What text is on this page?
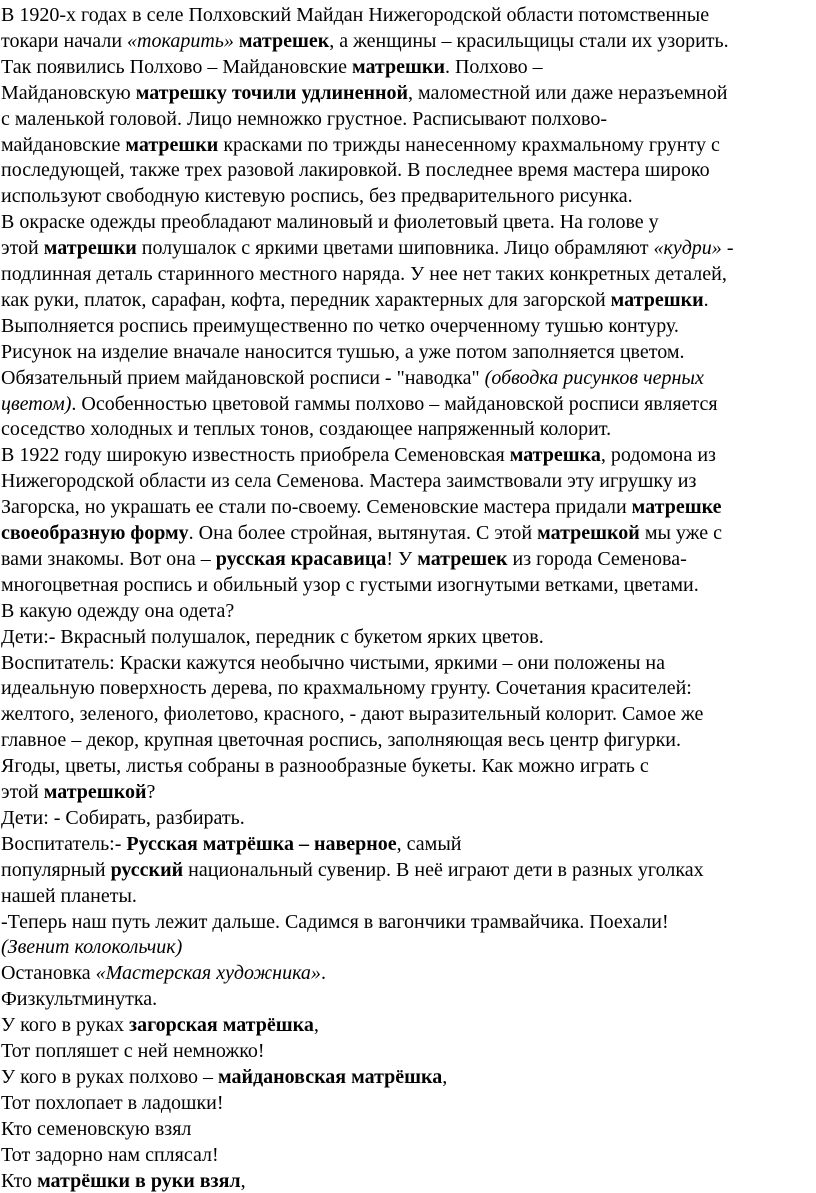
В 1920-х годах в селе Полховский Майдан Нижегородской области потомственные

токари начали «токарить» матрешек, а женщины – красильщицы стали их узорить.

Так появились Полхово – Майдановские матрешки. Полхово –

Майдановскую матрешку точили удлиненной, маломестной или даже неразъемной

с маленькой головой. Лицо немножко грустное. Расписывают полхово-

майдановские матрешки красками по трижды нанесенному крахмальному грунту с

последующей, также трех разовой лакировкой. В последнее время мастера широко

используют свободную кистевую роспись, без предварительного рисунка.

В окраске одежды преобладают малиновый и фиолетовый цвета. На голове у

этой матрешки полушалок с яркими цветами шиповника. Лицо обрамляют «кудри» -

подлинная деталь старинного местного наряда. У нее нет таких конкретных деталей,

как руки, платок, сарафан, кофта, передник характерных для загорской матрешки.

Выполняется роспись преимущественно по четко очерченному тушью контуру.

Рисунок на изделие вначале наносится тушью, а уже потом заполняется цветом.

Обязательный прием майдановской росписи - "наводка" (обводка рисунков черных

цветом). Особенностью цветовой гаммы полхово – майдановской росписи является

соседство холодных и теплых тонов, создающее напряженный колорит.

В 1922 году широкую известность приобрела Семеновская матрешка, родомона из

Нижегородской области из села Семенова. Мастера заимствовали эту игрушку из

Загорска, но украшать ее стали по-своему. Семеновские мастера придали матрешке

своеобразную форму. Она более стройная, вытянутая. С этой матрешкой мы уже с

вами знакомы. Вот она – русская красавица! У матрешек из города Семенова-

многоцветная роспись и обильный узор с густыми изогнутыми ветками, цветами.

В какую одежду она одета?

Дети:- Вкрасный полушалок, передник с букетом ярких цветов.

Воспитатель: Краски кажутся необычно чистыми, яркими – они положены на

идеальную поверхность дерева, по крахмальному грунту. Сочетания красителей:

желтого, зеленого, фиолетово, красного, - дают выразительный колорит. Самое же

главное – декор, крупная цветочная роспись, заполняющая весь центр фигурки.

Ягоды, цветы, листья собраны в разнообразные букеты. Как можно играть с

этой матрешкой?

Дети: - Собирать, разбирать.

Воспитатель:- Русская матрёшка – наверное, самый

популярный русский национальный сувенир. В неё играют дети в разных уголках

нашей планеты.

-Теперь наш путь лежит дальше. Садимся в вагончики трамвайчика. Поехали!

(Звенит колокольчик)

Остановка «Мастерская художника».

Физкультминутка.

У кого в руках загорская матрёшка,

Тот попляшет с ней немножко!

У кого в руках полхово – майдановская матрёшка,

Тот похлопает в ладошки!

Кто семеновскую взял

Тот задорно нам сплясал!

Кто матрёшки в руки взял,
